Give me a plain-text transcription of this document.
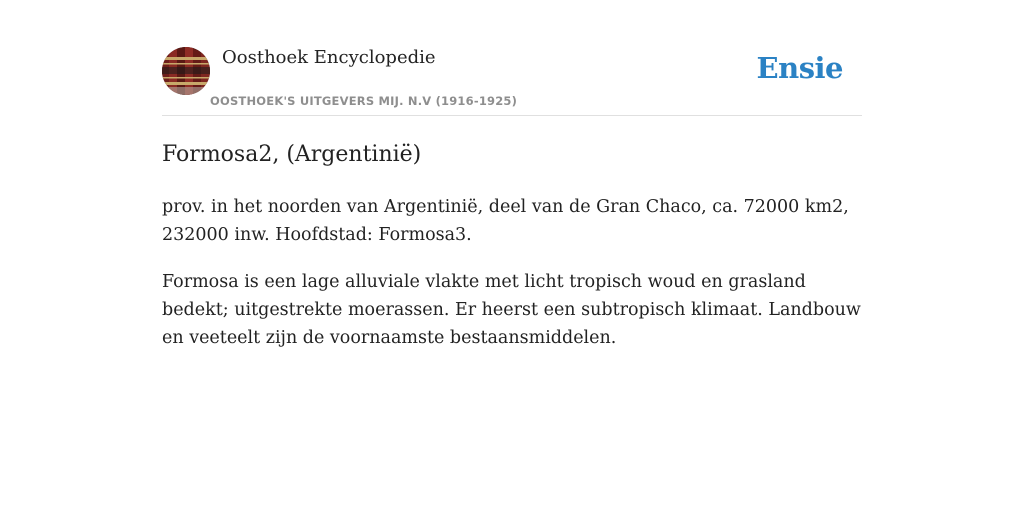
Oosthoek Encyclopedie
OOSTHOEK'S UITGEVERS MIJ. N.V (1916-1925)
Ensie
Formosa2, (Argentinië)

prov. in het noorden van Argentinië, deel van de Gran Chaco, ca. 72000 km2, 232000 inw. Hoofdstad: Formosa3.

Formosa is een lage alluviale vlakte met licht tropisch woud en grasland bedekt; uitgestrekte moerassen. Er heerst een subtropisch klimaat. Landbouw en veeteelt zijn de voornaamste bestaansmiddelen.
